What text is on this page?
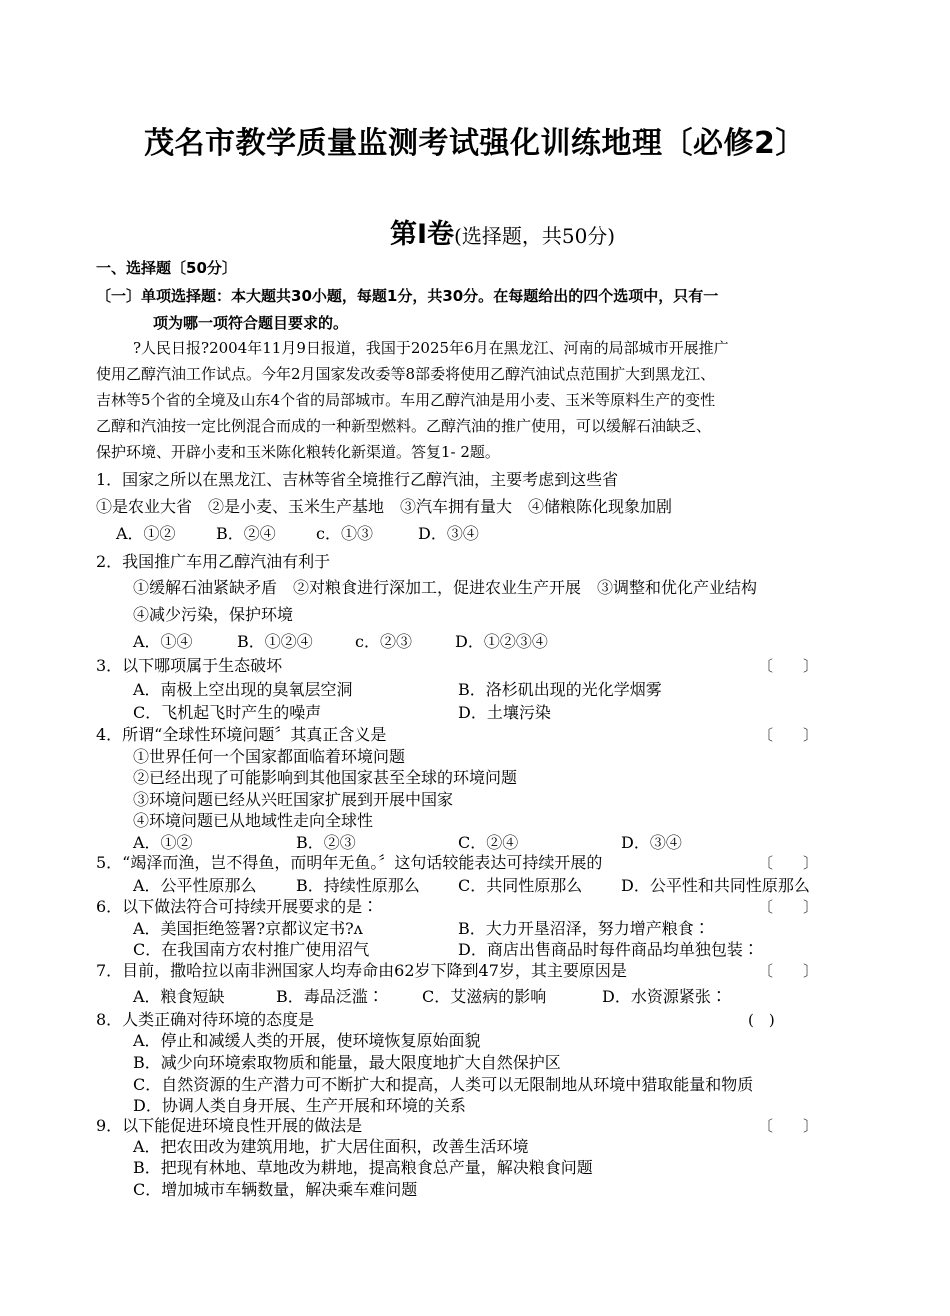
茂名市教学质量监测考试强化训练地理〔必修2〕
第Ⅰ卷(选择题，共50分)
一、选择题〔50分〕
〔一〕单项选择题：本大题共30小题，每题1分，共30分。在每题给出的四个选项中，只有一
项为哪一项符合题目要求的。
?人民日报?2004年11月9日报道，我国于2025年6月在黑龙江、河南的局部城市开展推广
使用乙醇汽油工作试点。今年2月国家发改委等8部委将使用乙醇汽油试点范围扩大到黑龙江、
吉林等5个省的全境及山东4个省的局部城市。车用乙醇汽油是用小麦、玉米等原料生产的变性
乙醇和汽油按一定比例混合而成的一种新型燃料。乙醇汽油的推广使用，可以缓解石油缺乏、
保护环境、开辟小麦和玉米陈化粮转化新渠道。答复1- 2题。
1．国家之所以在黑龙江、吉林等省全境推行乙醇汽油，主要考虑到这些省
①是农业大省　②是小麦、玉米生产基地　③汽车拥有量大　④储粮陈化现象加剧
A．①②	B．②④	c．①③	D．③④
2．我国推广车用乙醇汽油有利于
①缓解石油紧缺矛盾　②对粮食进行深加工，促进农业生产开展　③调整和优化产业结构
④减少污染，保护环境
A．①④	B．①②④	c．②③	D．①②③④
3．以下哪项属于生态破坏	〔　　〕
A．南极上空出现的臭氧层空洞	B．洛杉矶出现的光化学烟雾
C．飞机起飞时产生的噪声	D．土壤污染
4．所谓“全球性环境问题〞其真正含义是	〔　　〕
①世界任何一个国家都面临着环境问题
②已经出现了可能影响到其他国家甚至全球的环境问题
③环境问题已经从兴旺国家扩展到开展中国家
④环境问题已从地域性走向全球性
A．①②	B．②③	C．②④	D．③④
5．“竭泽而渔，岂不得鱼，而明年无鱼。〞这句话较能表达可持续开展的	〔　　〕
A．公平性原那么 B．持续性原那么 C．共同性原那么 D．公平性和共同性原那么
6．以下做法符合可持续开展要求的是∶	〔　　〕
A．美国拒绝签署?京都议定书?ʌ	B．大力开垦沼泽，努力增产粮食∶
C．在我国南方农村推广使用沼气	D．商店出售商品时每件商品均单独包装∶
7．目前，撒哈拉以南非洲国家人均寿命由62岁下降到47岁，其主要原因是	〔　　〕
A．粮食短缺	B．毒品泛滥∶ C．艾滋病的影响	D．水资源紧张∶
8．人类正确对待环境的态度是	(　)
A．停止和减缓人类的开展，使环境恢复原始面貌
B．减少向环境索取物质和能量，最大限度地扩大自然保护区
C．自然资源的生产潜力可不断扩大和提高，人类可以无限制地从环境中猎取能量和物质
D．协调人类自身开展、生产开展和环境的关系
9．以下能促进环境良性开展的做法是	〔　　〕
A．把农田改为建筑用地，扩大居住面积，改善生活环境
B．把现有林地、草地改为耕地，提高粮食总产量，解决粮食问题
C．增加城市车辆数量，解决乘车难问题
